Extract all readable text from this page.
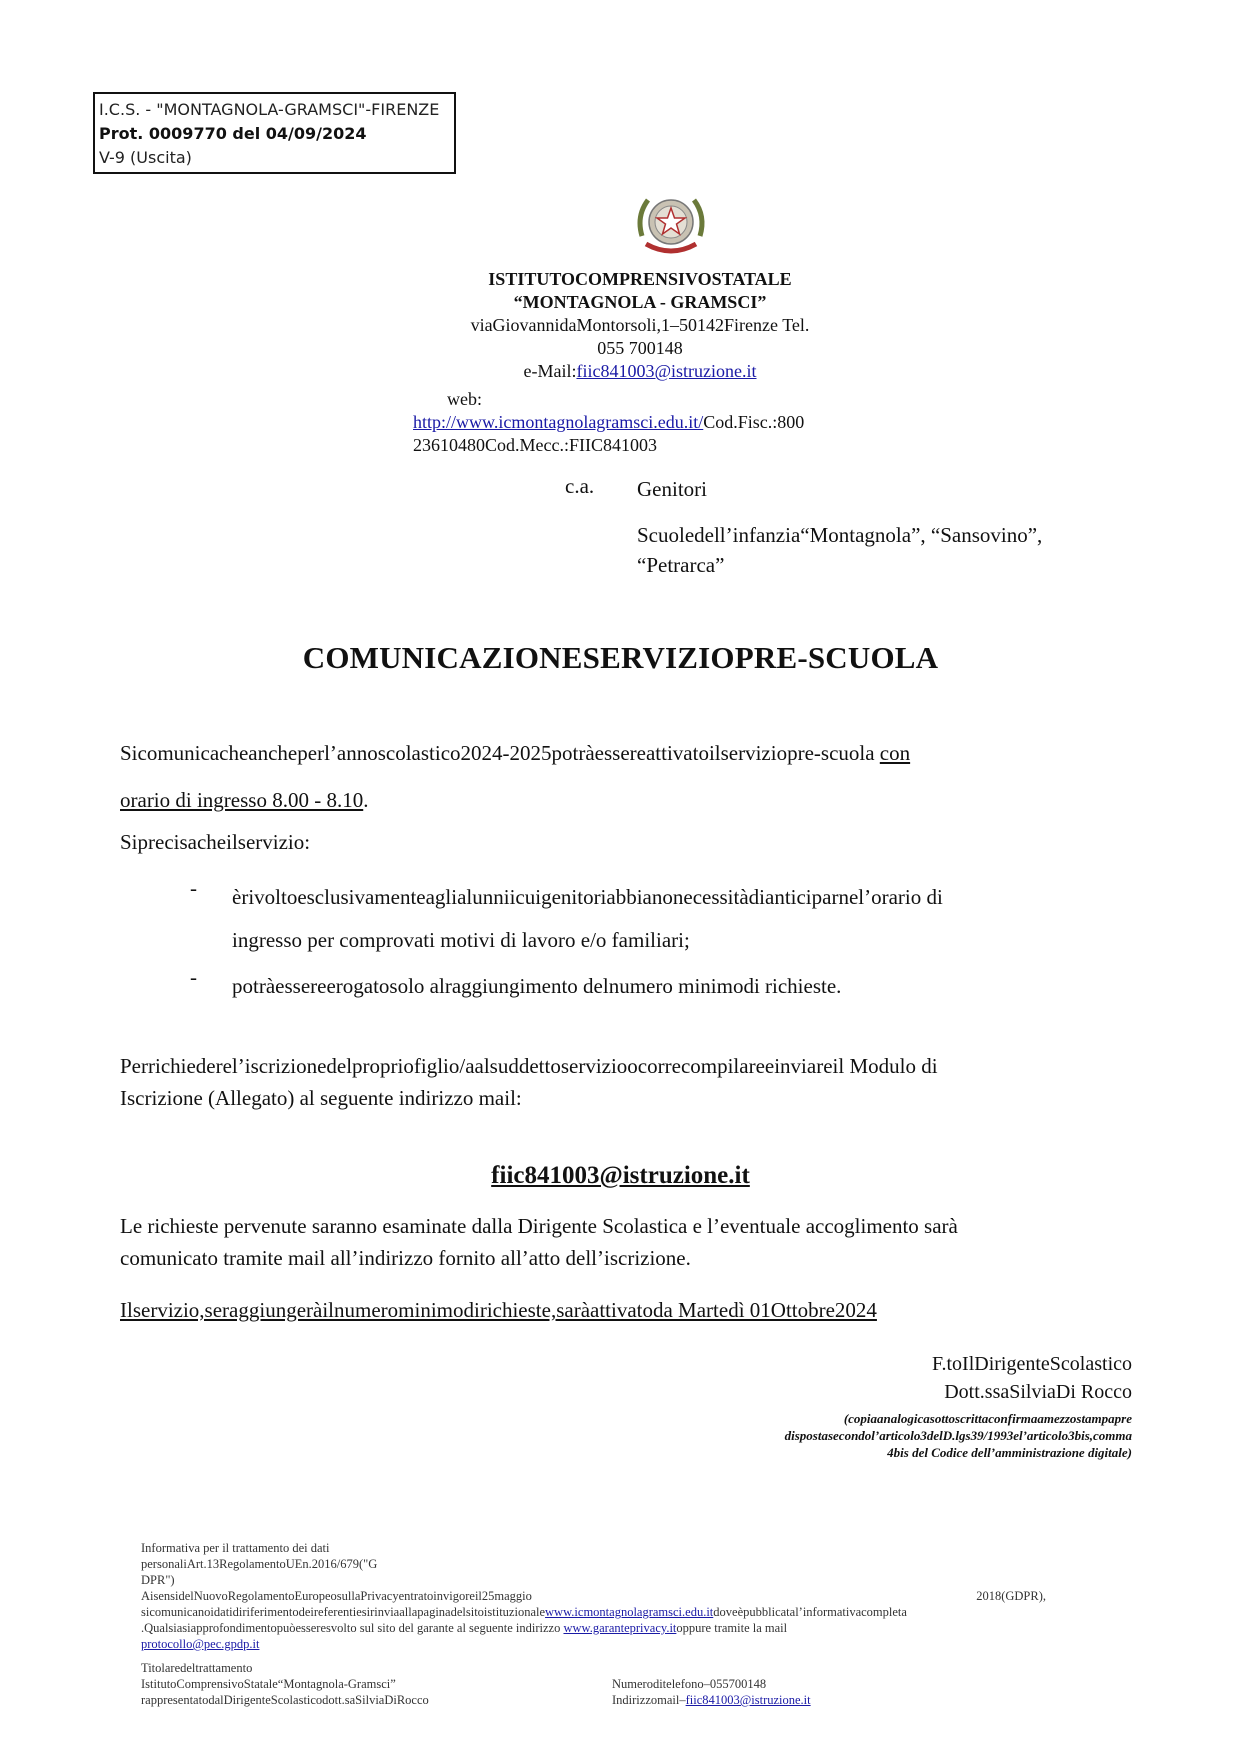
I.C.S. - "MONTAGNOLA-GRAMSCI"-FIRENZE
Prot. 0009770 del 04/09/2024
V-9 (Uscita)
ISTITUTOCOMPRENSIVOSTATALE
“MONTAGNOLA - GRAMSCI”
viaGiovannidaMontorsoli,1–50142Firenze Tel.
055 700148
e-Mail:fiic841003@istruzione.it
web:
http://www.icmontagnolagramsci.edu.it/Cod.Fisc.:800
23610480Cod.Mecc.:FIIC841003
c.a. Genitori
Scuoledell’infanzia“Montagnola”, “Sansovino”,
“Petrarca”
COMUNICAZIONESERVIZIOPRE-SCUOLA
Sicomunicacheancheperl’annoscolastico2024-2025potràessereattivatoilserviziopre-scuola con
orario di ingresso 8.00 - 8.10.
Siprecisacheilservizio:
- èrivoltoesclusivamenteaglialunniicuigenitoriabbianonecessitàdianticiparnel’orario di
ingresso per comprovati motivi di lavoro e/o familiari;
- potràessereerogatosolo alraggiungimento delnumero minimodi richieste.
Perrichiederel’iscrizionedelpropriofiglio/aalsuddettoservizioocorrecompilareeinviareil Modulo di
Iscrizione (Allegato) al seguente indirizzo mail:
fiic841003@istruzione.it
Le richieste pervenute saranno esaminate dalla Dirigente Scolastica e l’eventuale accoglimento sarà
comunicato tramite mail all’indirizzo fornito all’atto dell’iscrizione.
Ilservizio,seraggiungeràilnumerominimodirichieste,saràattivatoda Martedì 01Ottobre2024
F.toIlDirigenteScolastico
Dott.ssaSilviaDi Rocco
(copiaanalogicasottoscrittaconfirmaamezzostampapre
dispostasecondol’articolo3delD.lgs39/1993el’articolo3bis,comma
4bis del Codice dell’amministrazione digitale)
Informativa per il trattamento dei dati
personaliArt.13RegolamentoUEn.2016/679("G
DPR")
AisensidelNuovoRegolamentoEuropeosullaPrivacyentratoinvigoreil25maggio	2018(GDPR),
sicomunicanoidatidiriferimentodeireferentiesirinviaallapaginadelsitoistituzionalewww.icmontagnolagramsci.edu.itdoveèpubblicatal’informativacompleta
.Qualsiasiapprofondimentopuòesseresvolto sul sito del garante al seguente indirizzo www.garanteprivacy.itoppure tramite la mail
protocollo@pec.gpdp.it
Titolaredeltrattamento
IstitutoComprensivoStatale“Montagnola-Gramsci”
rappresentatodalDirigenteScolasticodott.saSilviaDiRocco
Numeroditelefono–055700148
Indirizzomail–fiic841003@istruzione.it
